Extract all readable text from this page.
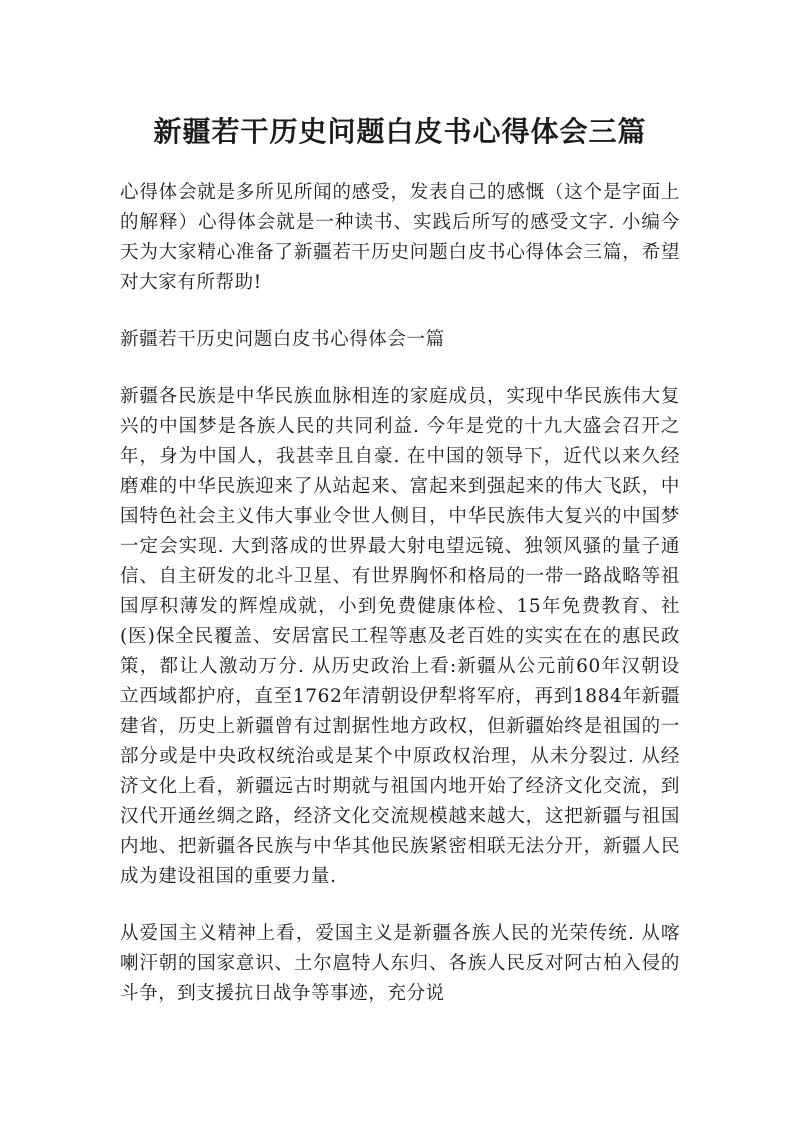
新疆若干历史问题白皮书心得体会三篇

心得体会就是多所见所闻的感受，发表自己的感慨（这个是字面上的解释）心得体会就是一种读书、实践后所写的感受文字. 小编今天为大家精心准备了新疆若干历史问题白皮书心得体会三篇，希望对大家有所帮助!

新疆若干历史问题白皮书心得体会一篇

新疆各民族是中华民族血脉相连的家庭成员，实现中华民族伟大复兴的中国梦是各族人民的共同利益. 今年是党的十九大盛会召开之年，身为中国人，我甚幸且自豪. 在中国的领导下，近代以来久经磨难的中华民族迎来了从站起来、富起来到强起来的伟大飞跃，中国特色社会主义伟大事业令世人侧目，中华民族伟大复兴的中国梦一定会实现. 大到落成的世界最大射电望远镜、独领风骚的量子通信、自主研发的北斗卫星、有世界胸怀和格局的一带一路战略等祖国厚积薄发的辉煌成就，小到免费健康体检、15年免费教育、社(医)保全民覆盖、安居富民工程等惠及老百姓的实实在在的惠民政策，都让人激动万分. 从历史政治上看:新疆从公元前60年汉朝设立西域都护府，直至1762年清朝设伊犁将军府，再到1884年新疆建省，历史上新疆曾有过割据性地方政权，但新疆始终是祖国的一部分或是中央政权统治或是某个中原政权治理，从未分裂过. 从经济文化上看，新疆远古时期就与祖国内地开始了经济文化交流，到汉代开通丝绸之路，经济文化交流规模越来越大，这把新疆与祖国内地、把新疆各民族与中华其他民族紧密相联无法分开，新疆人民成为建设祖国的重要力量.

从爱国主义精神上看，爱国主义是新疆各族人民的光荣传统. 从喀喇汗朝的国家意识、土尔扈特人东归、各族人民反对阿古柏入侵的斗争，到支援抗日战争等事迹，充分说
